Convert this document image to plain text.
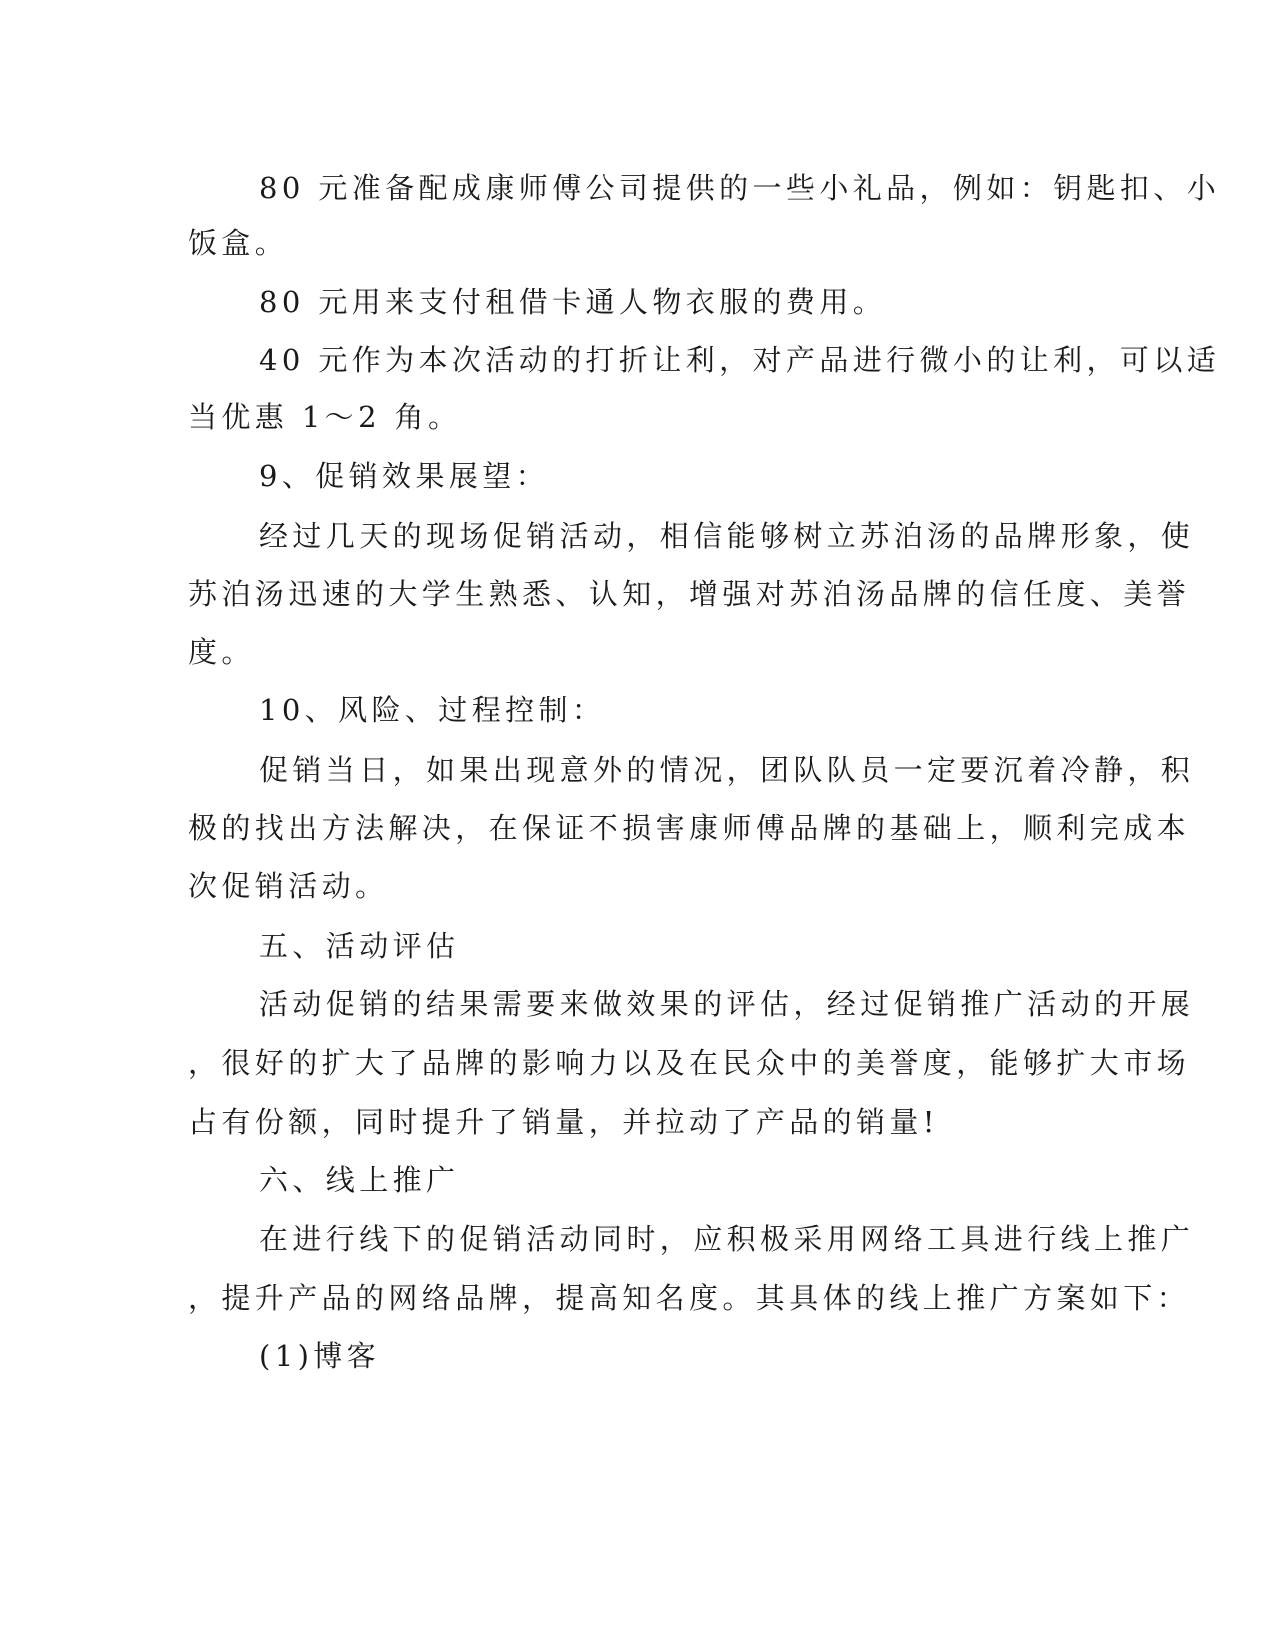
80 元准备配成康师傅公司提供的一些小礼品，例如：钥匙扣、小
饭盒。
80 元用来支付租借卡通人物衣服的费用。
40 元作为本次活动的打折让利，对产品进行微小的让利，可以适
当优惠 1～2 角。
9、促销效果展望：
经过几天的现场促销活动，相信能够树立苏泊汤的品牌形象，使
苏泊汤迅速的大学生熟悉、认知，增强对苏泊汤品牌的信任度、美誉
度。
10、风险、过程控制：
促销当日，如果出现意外的情况，团队队员一定要沉着冷静，积
极的找出方法解决，在保证不损害康师傅品牌的基础上，顺利完成本
次促销活动。
五、活动评估
活动促销的结果需要来做效果的评估，经过促销推广活动的开展
，很好的扩大了品牌的影响力以及在民众中的美誉度，能够扩大市场
占有份额，同时提升了销量，并拉动了产品的销量!
六、线上推广
在进行线下的促销活动同时，应积极采用网络工具进行线上推广
，提升产品的网络品牌，提高知名度。其具体的线上推广方案如下：
(1)博客
